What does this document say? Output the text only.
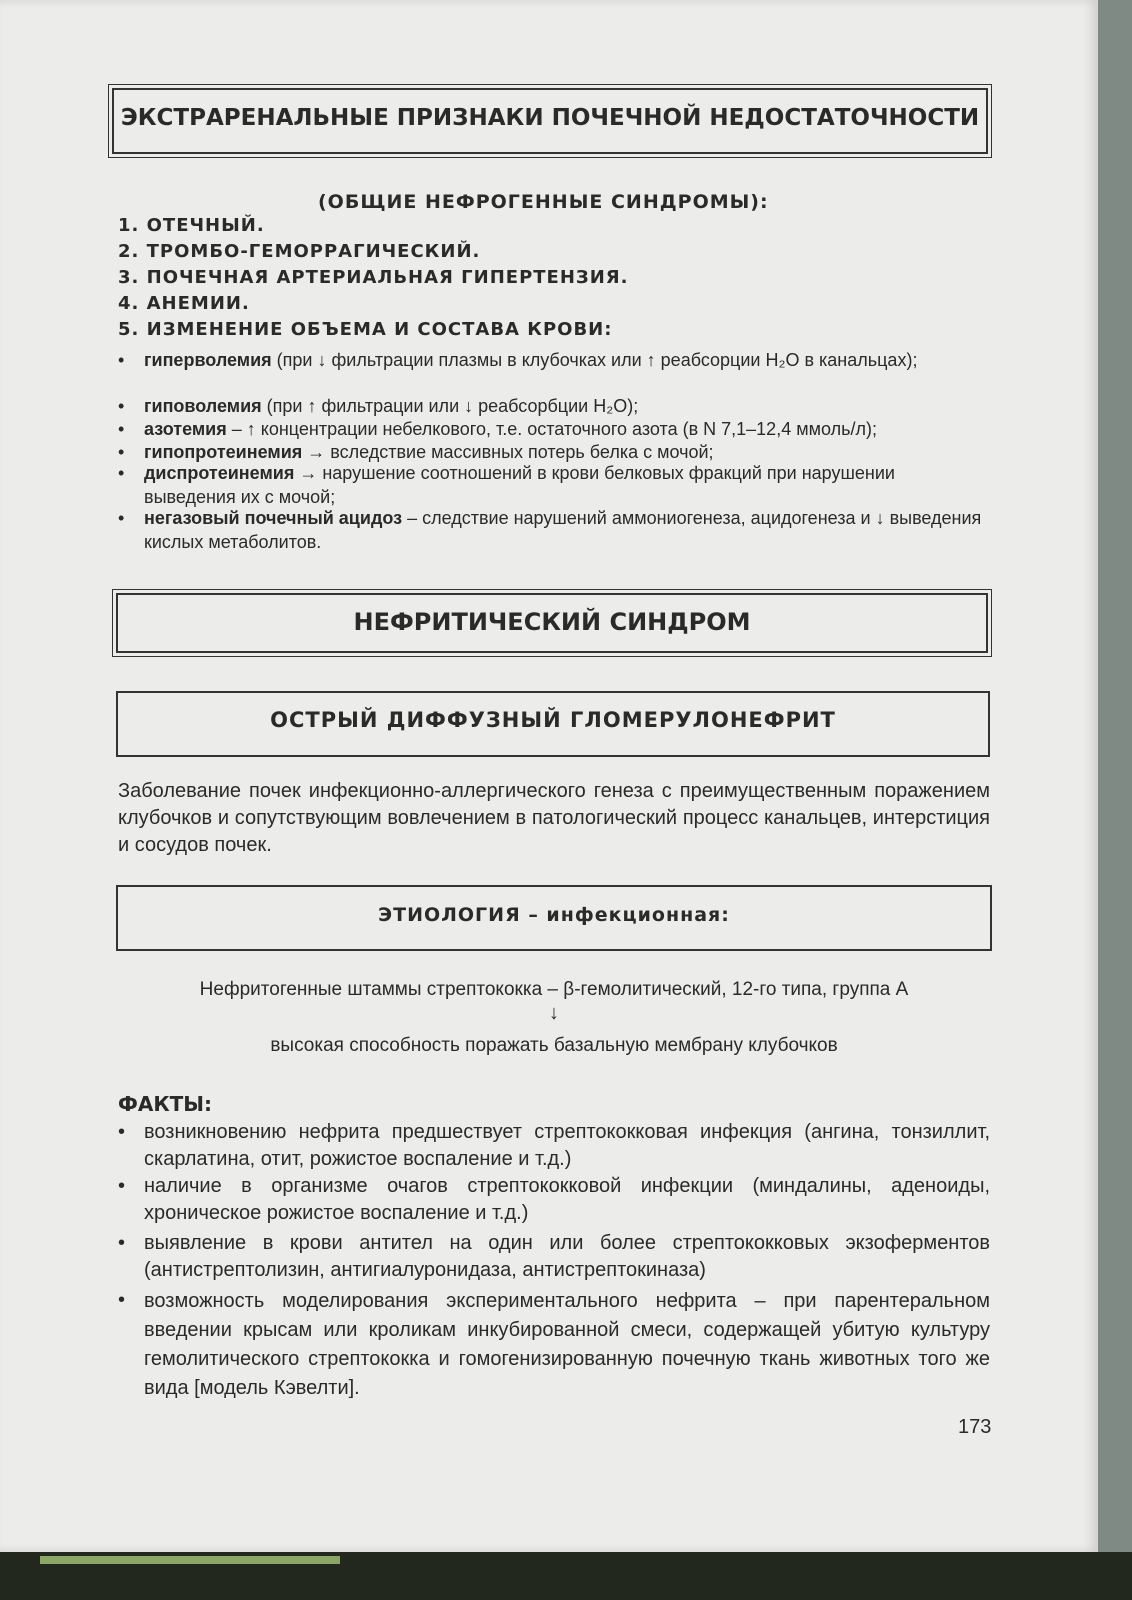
ЭКСТРАРЕНАЛЬНЫЕ ПРИЗНАКИ ПОЧЕЧНОЙ НЕДОСТАТОЧНОСТИ
(ОБЩИЕ НЕФРОГЕННЫЕ СИНДРОМЫ):
1. ОТЕЧНЫЙ.
2. ТРОМБО-ГЕМОРРАГИЧЕСКИЙ.
3. ПОЧЕЧНАЯ АРТЕРИАЛЬНАЯ ГИПЕРТЕНЗИЯ.
4. АНЕМИИ.
5. ИЗМЕНЕНИЕ ОБЪЕМА И СОСТАВА КРОВИ:
• гиперволемия (при ↓ фильтрации плазмы в клубочках или ↑ реабсорции H₂O в канальцах);
• гиповолемия (при ↑ фильтрации или ↓ реабсорбции H₂O);
• азотемия – ↑ концентрации небелкового, т.е. остаточного азота (в N 7,1–12,4 ммоль/л);
• гипопротеинемия → вследствие массивных потерь белка с мочой;
• диспротеинемия → нарушение соотношений в крови белковых фракций при нарушении выведения их с мочой;
• негазовый почечный ацидоз – следствие нарушений аммониогенеза, ацидогенеза и ↓ выведения кислых метаболитов.
НЕФРИТИЧЕСКИЙ СИНДРОМ
ОСТРЫЙ ДИФФУЗНЫЙ ГЛОМЕРУЛОНЕФРИТ
Заболевание почек инфекционно-аллергического генеза с преимущественным поражением клубочков и сопутствующим вовлечением в патологический процесс канальцев, интерстиция и сосудов почек.
ЭТИОЛОГИЯ – инфекционная:
Нефритогенные штаммы стрептококка – β-гемолитический, 12-го типа, группа А
↓
высокая способность поражать базальную мембрану клубочков
ФАКТЫ:
• возникновению нефрита предшествует стрептококковая инфекция (ангина, тонзиллит, скарлатина, отит, рожистое воспаление и т.д.)
• наличие в организме очагов стрептококковой инфекции (миндалины, аденоиды, хроническое рожистое воспаление и т.д.)
• выявление в крови антител на один или более стрептококковых экзоферментов (антистрептолизин, антигиалуронидаза, антистрептокиназа)
• возможность моделирования экспериментального нефрита – при парентеральном введении крысам или кроликам инкубированной смеси, содержащей убитую культуру гемолитического стрептококка и гомогенизированную почечную ткань животных того же вида [модель Кэвелти].
173
